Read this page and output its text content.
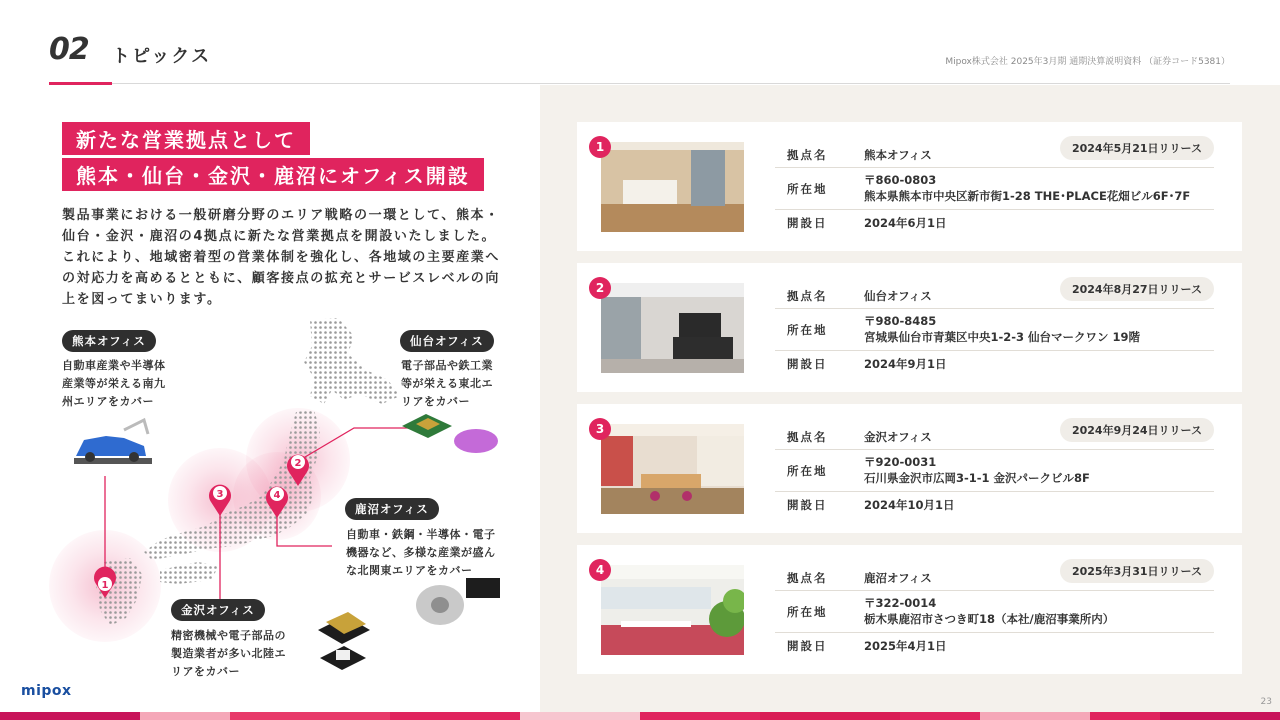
02 トピックス	Mipox株式会社 2025年3月期 通期決算説明資料 （証券コード5381）
新たな営業拠点として
熊本・仙台・金沢・鹿沼にオフィス開設
製品事業における一般研磨分野のエリア戦略の一環として、熊本・仙台・金沢・鹿沼の4拠点に新たな営業拠点を開設いたしました。これにより、地域密着型の営業体制を強化し、各地域の主要産業への対応力を高めるとともに、顧客接点の拡充とサービスレベルの向上を図ってまいります。
1
2
3	4
熊本オフィス
自動車産業や半導体
産業等が栄える南九
州エリアをカバー
仙台オフィス
電子部品や鉄工業
等が栄える東北エ
リアをカバー
鹿沼オフィス
自動車・鉄鋼・半導体・電子
機器など、多様な産業が盛ん
な北関東エリアをカバー
金沢オフィス
精密機械や電子部品の
製造業者が多い北陸エ
リアをカバー
1	2024年5月21日リリース
拠点名	熊本オフィス
所在地
〒860-0803
熊本県熊本市中央区新市街1-28 THE･PLACE花畑ビル6F･7F
開設日	2024年6月1日
2	2024年8月27日リリース
拠点名	仙台オフィス
所在地
〒980-8485
宮城県仙台市青葉区中央1-2-3 仙台マークワン 19階
開設日	2024年9月1日
3	2024年9月24日リリース
拠点名	金沢オフィス
所在地
〒920-0031
石川県金沢市広岡3-1-1 金沢パークビル8F
開設日	2024年10月1日
4	2025年3月31日リリース
拠点名	鹿沼オフィス
所在地
〒322-0014
栃木県鹿沼市さつき町18（本社/鹿沼事業所内）
開設日	2025年4月1日
mipox
23
